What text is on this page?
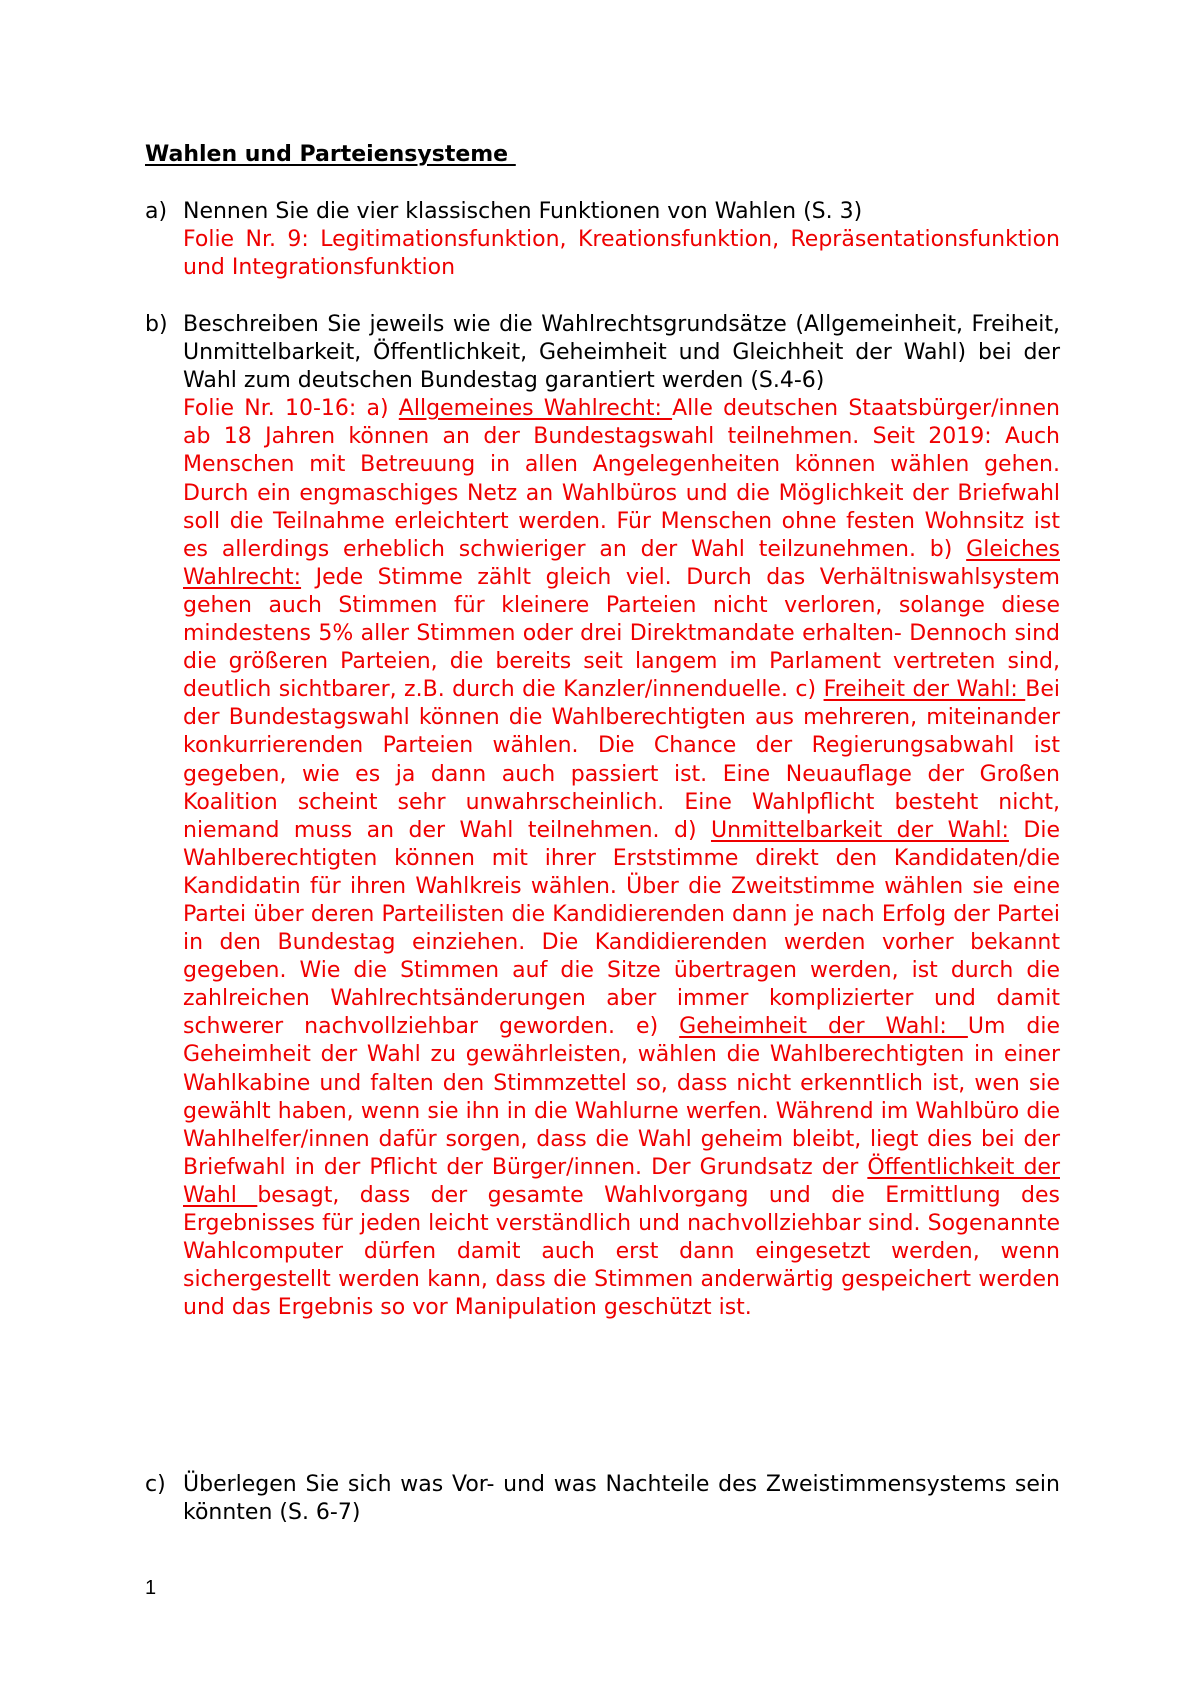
Wahlen und Parteiensysteme
a) Nennen Sie die vier klassischen Funktionen von Wahlen (S. 3)
Folie Nr. 9: Legitimationsfunktion, Kreationsfunktion, Repräsentationsfunktion und Integrationsfunktion
b) Beschreiben Sie jeweils wie die Wahlrechtsgrundsätze (Allgemeinheit, Freiheit, Unmittelbarkeit, Öffentlichkeit, Geheimheit und Gleichheit der Wahl) bei der Wahl zum deutschen Bundestag garantiert werden (S.4-6)
Folie Nr. 10-16: a) Allgemeines Wahlrecht: Alle deutschen Staatsbürger/innen ab 18 Jahren können an der Bundestagswahl teilnehmen. Seit 2019: Auch Menschen mit Betreuung in allen Angelegenheiten können wählen gehen. Durch ein engmaschiges Netz an Wahlbüros und die Möglichkeit der Briefwahl soll die Teilnahme erleichtert werden. Für Menschen ohne festen Wohnsitz ist es allerdings erheblich schwieriger an der Wahl teilzunehmen. b) Gleiches Wahlrecht: Jede Stimme zählt gleich viel. Durch das Verhältniswahlsystem gehen auch Stimmen für kleinere Parteien nicht verloren, solange diese mindestens 5% aller Stimmen oder drei Direktmandate erhalten- Dennoch sind die größeren Parteien, die bereits seit langem im Parlament vertreten sind, deutlich sichtbarer, z.B. durch die Kanzler/innenduelle. c) Freiheit der Wahl: Bei der Bundestagswahl können die Wahlberechtigten aus mehreren, miteinander konkurrierenden Parteien wählen. Die Chance der Regierungsabwahl ist gegeben, wie es ja dann auch passiert ist. Eine Neuauflage der Großen Koalition scheint sehr unwahrscheinlich. Eine Wahlpflicht besteht nicht, niemand muss an der Wahl teilnehmen. d) Unmittelbarkeit der Wahl: Die Wahlberechtigten können mit ihrer Erststimme direkt den Kandidaten/die Kandidatin für ihren Wahlkreis wählen. Über die Zweitstimme wählen sie eine Partei über deren Parteilisten die Kandidierenden dann je nach Erfolg der Partei in den Bundestag einziehen. Die Kandidierenden werden vorher bekannt gegeben. Wie die Stimmen auf die Sitze übertragen werden, ist durch die zahlreichen Wahlrechtsänderungen aber immer komplizierter und damit schwerer nachvollziehbar geworden. e) Geheimheit der Wahl: Um die Geheimheit der Wahl zu gewährleisten, wählen die Wahlberechtigten in einer Wahlkabine und falten den Stimmzettel so, dass nicht erkenntlich ist, wen sie gewählt haben, wenn sie ihn in die Wahlurne werfen. Während im Wahlbüro die Wahlhelfer/innen dafür sorgen, dass die Wahl geheim bleibt, liegt dies bei der Briefwahl in der Pflicht der Bürger/innen. Der Grundsatz der Öffentlichkeit der Wahl besagt, dass der gesamte Wahlvorgang und die Ermittlung des Ergebnisses für jeden leicht verständlich und nachvollziehbar sind. Sogenannte Wahlcomputer dürfen damit auch erst dann eingesetzt werden, wenn sichergestellt werden kann, dass die Stimmen anderwärtig gespeichert werden und das Ergebnis so vor Manipulation geschützt ist.
c) Überlegen Sie sich was Vor- und was Nachteile des Zweistimmensystems sein könnten (S. 6-7)
1
